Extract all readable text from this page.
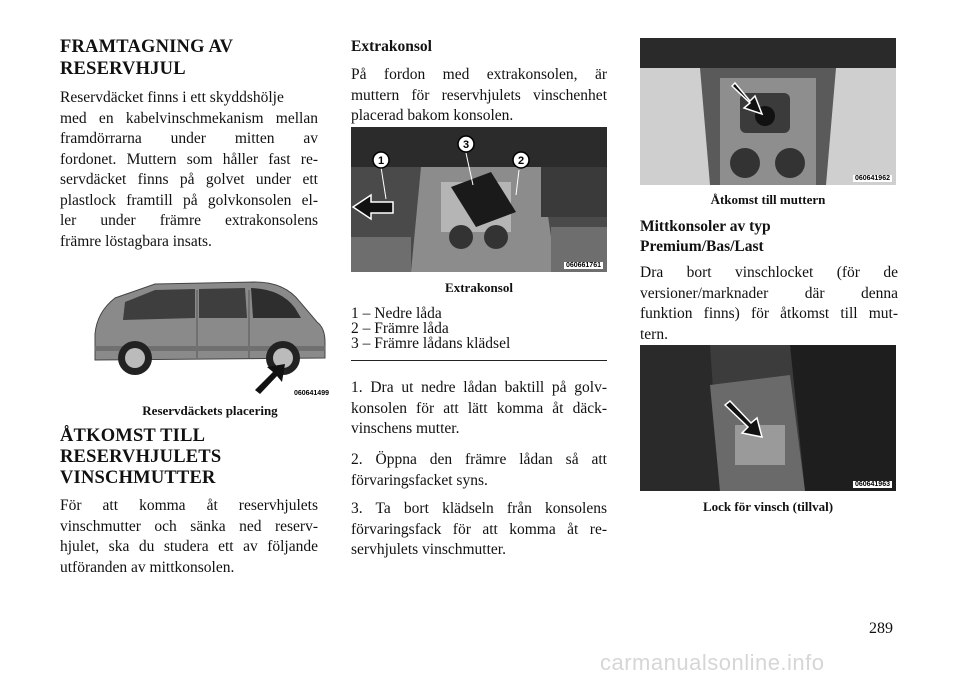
FRAMTAGNING AV RESERVHJUL

Reservdäcket finns i ett skyddshölje

med en kabelvinschmekanism mellan
framdörrarna under mitten av
fordonet. Muttern som håller fast re-
servdäcket finns på golvet under ett
plastlock framtill på golvkonsolen el-
ler under främre extrakonsolens
främre löstagbara insats.

060641499
Reservdäckets placering
ÅTKOMST TILL RESERVHJULETS VINSCHMUTTER

För att komma åt reservhjulets
vinschmutter och sänka ned reserv-
hjulet, ska du studera ett av följande
utföranden av mittkonsolen.

Extrakonsol

På fordon med extrakonsolen, är
muttern för reservhjulets vinschenhet
placerad bakom konsolen.

1
3
2
060661761
Extrakonsol

1 – Nedre låda

2 – Främre låda

3 – Främre lådans klädsel

1. Dra ut nedre lådan baktill på golv-
konsolen för att lätt komma åt däck-
vinschens mutter.

2. Öppna den främre lådan så att
förvaringsfacket syns.

3. Ta bort klädseln från konsolens
förvaringsfack för att komma åt re-
servhjulets vinschmutter.

060641962
Åtkomst till muttern
Mittkonsoler av typ Premium/Bas/Last

Dra bort vinschlocket (för de
versioner/marknader där denna
funktion finns) för åtkomst till mut-
tern.

060641963
Lock för vinsch (tillval)
289
carmanualsonline.info
